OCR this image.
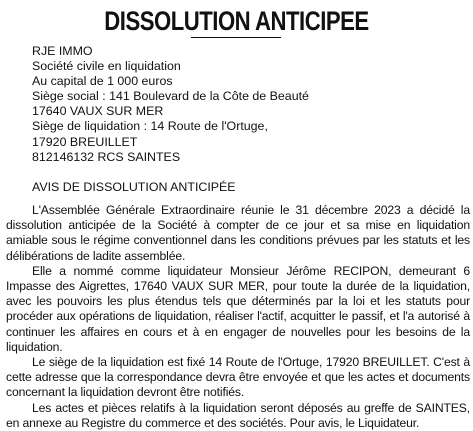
DISSOLUTION ANTICIPEE
RJE IMMO
Société civile en liquidation
Au capital de 1 000 euros
Siège social : 141 Boulevard de la Côte de Beauté
17640 VAUX SUR MER
Siège de liquidation : 14 Route de l'Ortuge,
17920 BREUILLET
812146132 RCS SAINTES
AVIS DE DISSOLUTION ANTICIPÉE

L'Assemblée Générale Extraordinaire réunie le 31 décembre 2023 a décidé la dissolution anticipée de la Société à compter de ce jour et sa mise en liquidation amiable sous le régime conventionnel dans les conditions prévues par les statuts et les délibérations de ladite assemblée.

Elle a nommé comme liquidateur Monsieur Jérôme RECIPON, demeurant 6 Impasse des Aigrettes, 17640 VAUX SUR MER, pour toute la durée de la liquidation, avec les pouvoirs les plus étendus tels que déterminés par la loi et les statuts pour procéder aux opérations de liquidation, réaliser l'actif, acquitter le passif, et l'a autorisé à continuer les affaires en cours et à en engager de nouvelles pour les besoins de la liquidation.

Le siège de la liquidation est fixé 14 Route de l'Ortuge, 17920 BREUILLET. C'est à cette adresse que la correspondance devra être envoyée et que les actes et documents concernant la liquidation devront être notifiés.

Les actes et pièces relatifs à la liquidation seront déposés au greffe de SAINTES, en annexe au Registre du commerce et des sociétés. Pour avis, le Liquidateur.
